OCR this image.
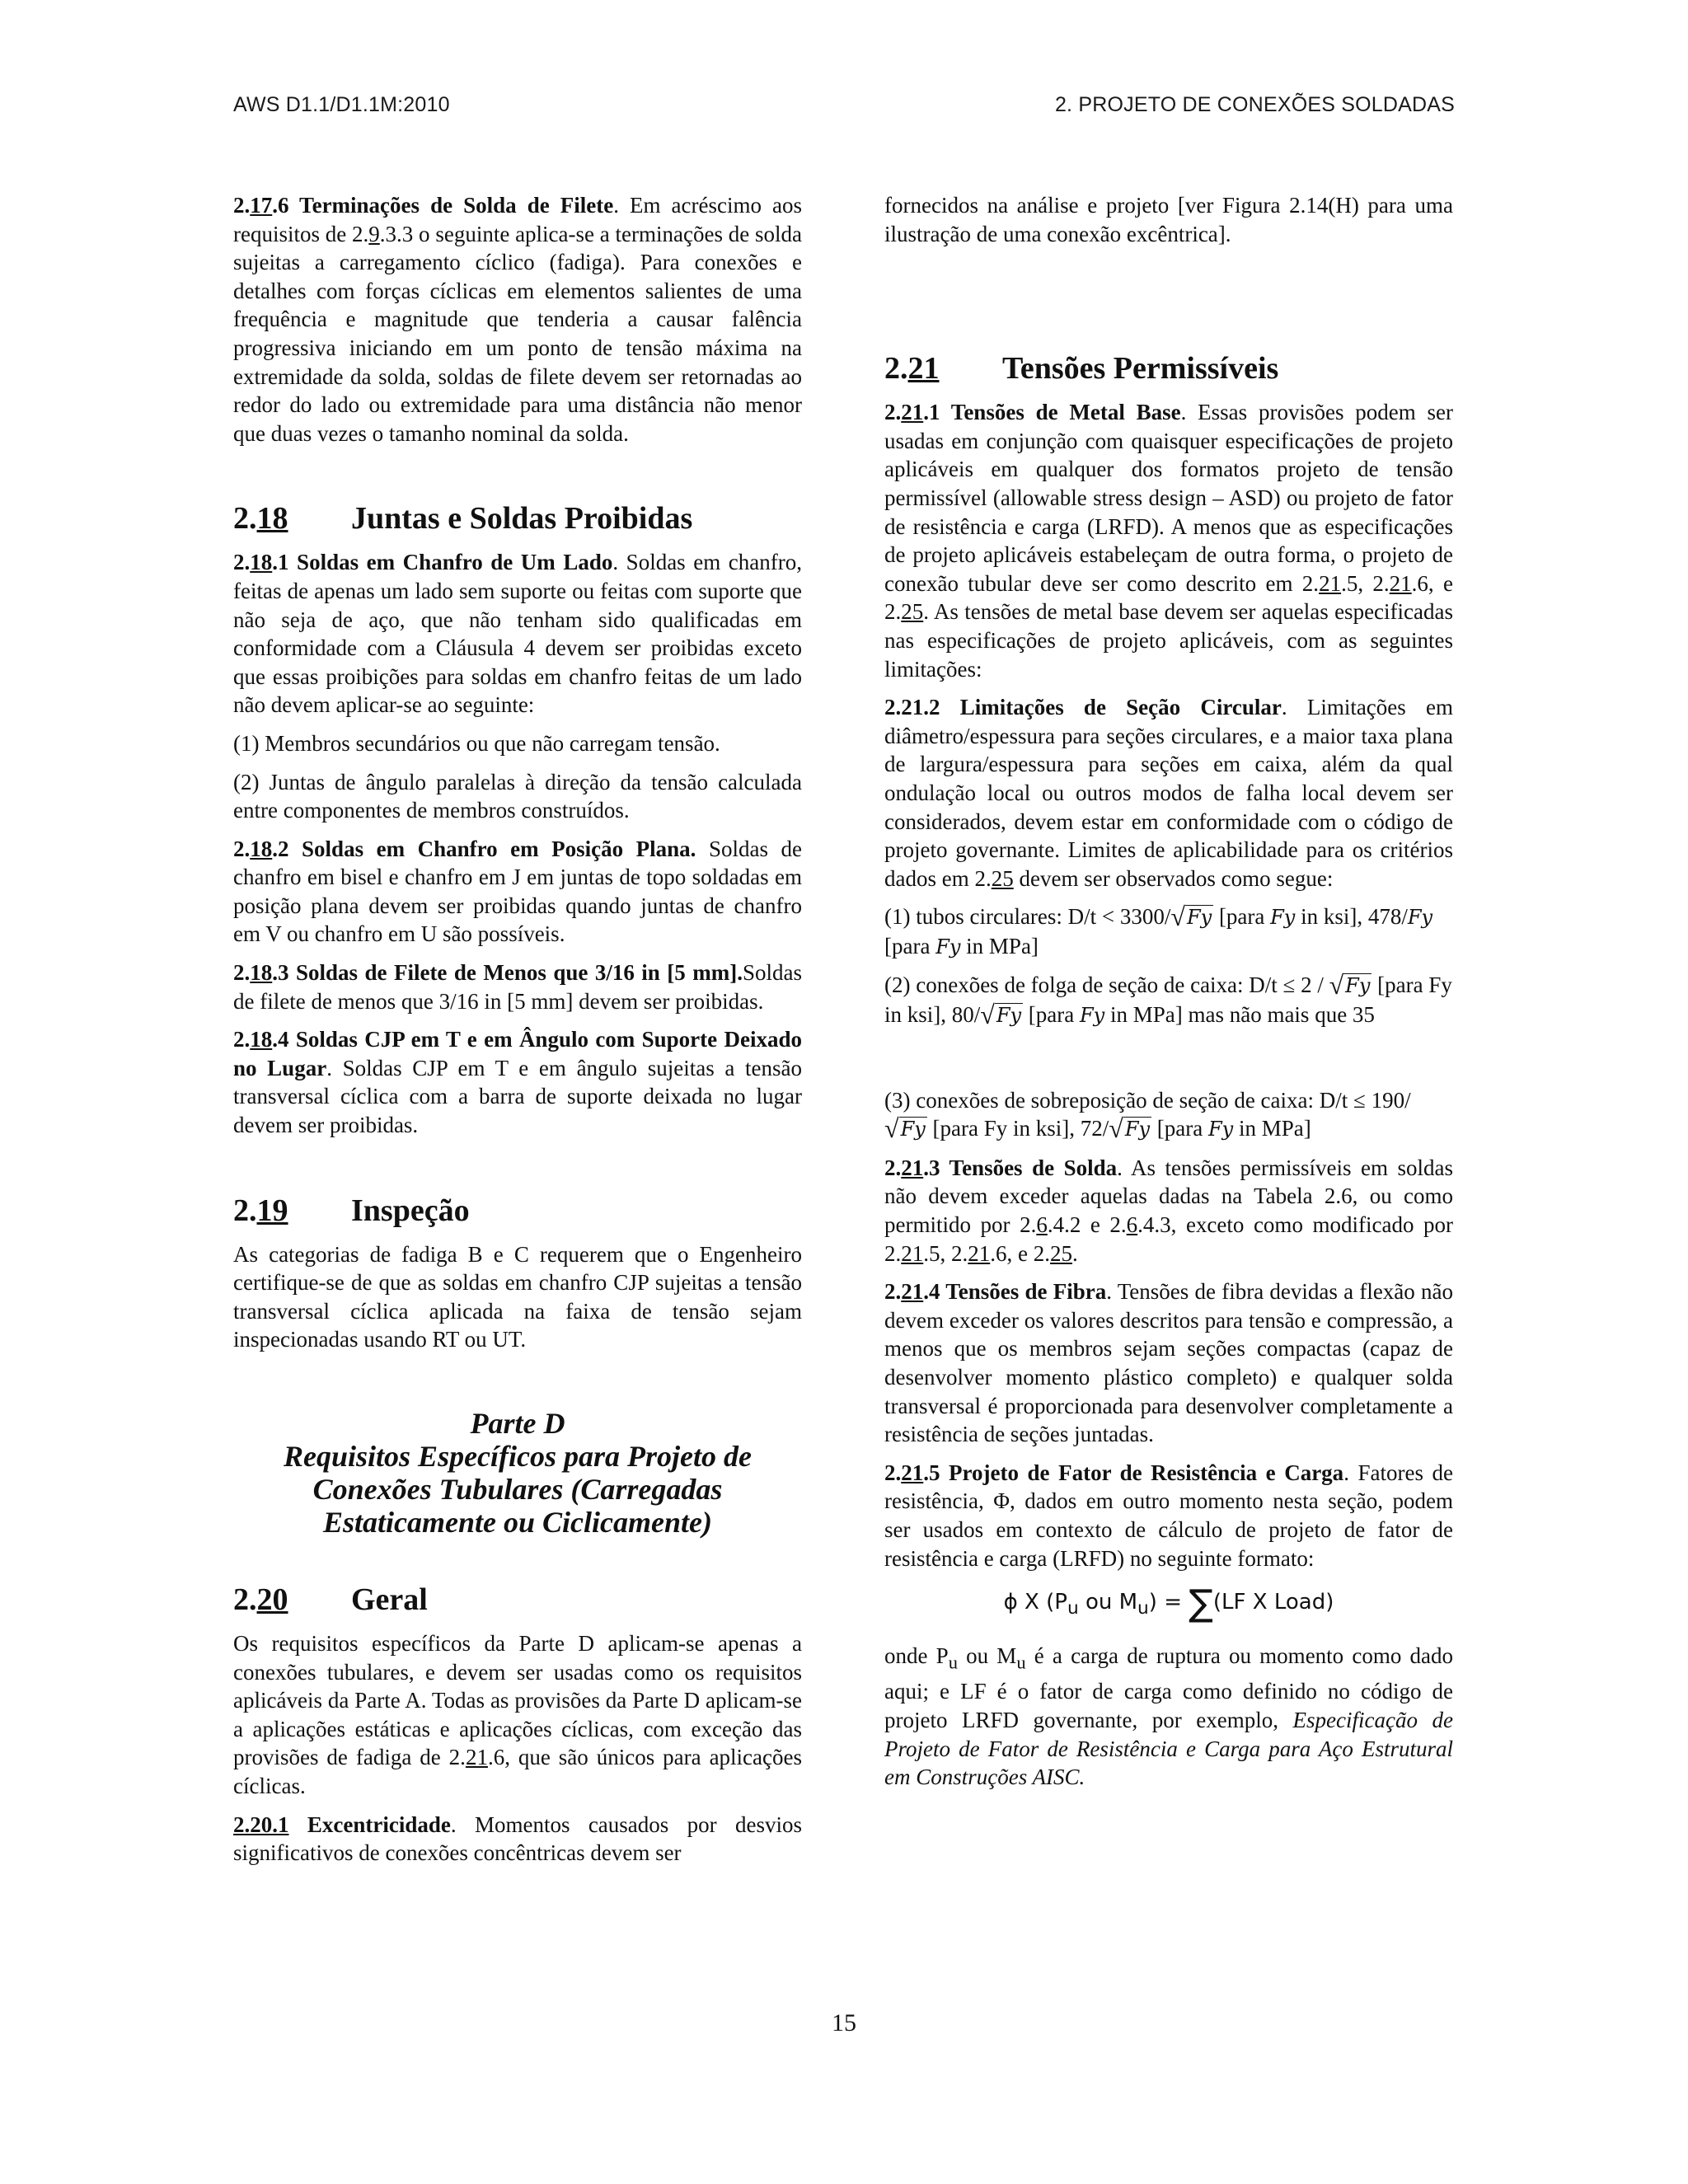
AWS D1.1/D1.1M:2010	2. PROJETO DE CONEXÕES SOLDADAS

2.17.6 Terminações de Solda de Filete. Em acréscimo aos requisitos de 2.9.3.3 o seguinte aplica-se a terminações de solda sujeitas a carregamento cíclico (fadiga). Para conexões e detalhes com forças cíclicas em elementos salientes de uma frequência e magnitude que tenderia a causar falência progressiva iniciando em um ponto de tensão máxima na extremidade da solda, soldas de filete devem ser retornadas ao redor do lado ou extremidade para uma distância não menor que duas vezes o tamanho nominal da solda.

2.18	Juntas e Soldas Proibidas

2.18.1 Soldas em Chanfro de Um Lado. Soldas em chanfro, feitas de apenas um lado sem suporte ou feitas com suporte que não seja de aço, que não tenham sido qualificadas em conformidade com a Cláusula 4 devem ser proibidas exceto que essas proibições para soldas em chanfro feitas de um lado não devem aplicar-se ao seguinte:

(1) Membros secundários ou que não carregam tensão.

(2) Juntas de ângulo paralelas à direção da tensão calculada entre componentes de membros construídos.

2.18.2 Soldas em Chanfro em Posição Plana. Soldas de chanfro em bisel e chanfro em J em juntas de topo soldadas em posição plana devem ser proibidas quando juntas de chanfro em V ou chanfro em U são possíveis.

2.18.3 Soldas de Filete de Menos que 3/16 in [5 mm].Soldas de filete de menos que 3/16 in [5 mm] devem ser proibidas.

2.18.4 Soldas CJP em T e em Ângulo com Suporte Deixado no Lugar. Soldas CJP em T e em ângulo sujeitas a tensão transversal cíclica com a barra de suporte deixada no lugar devem ser proibidas.

2.19	Inspeção

As categorias de fadiga B e C requerem que o Engenheiro certifique-se de que as soldas em chanfro CJP sujeitas a tensão transversal cíclica aplicada na faixa de tensão sejam inspecionadas usando RT ou UT.

Parte D
Requisitos Específicos para Projeto de
Conexões Tubulares (Carregadas
Estaticamente ou Ciclicamente)
2.20	Geral

Os requisitos específicos da Parte D aplicam-se apenas a conexões tubulares, e devem ser usadas como os requisitos aplicáveis da Parte A. Todas as provisões da Parte D aplicam-se a aplicações estáticas e aplicações cíclicas, com exceção das provisões de fadiga de 2.21.6, que são únicos para aplicações cíclicas.

2.20.1 Excentricidade. Momentos causados por desvios significativos de conexões concêntricas devem ser

fornecidos na análise e projeto [ver Figura 2.14(H) para uma ilustração de uma conexão excêntrica].

2.21	Tensões Permissíveis

2.21.1 Tensões de Metal Base. Essas provisões podem ser usadas em conjunção com quaisquer especificações de projeto aplicáveis em qualquer dos formatos projeto de tensão permissível (allowable stress design – ASD) ou projeto de fator de resistência e carga (LRFD). A menos que as especificações de projeto aplicáveis estabeleçam de outra forma, o projeto de conexão tubular deve ser como descrito em 2.21.5, 2.21.6, e 2.25. As tensões de metal base devem ser aquelas especificadas nas especificações de projeto aplicáveis, com as seguintes limitações:

2.21.2 Limitações de Seção Circular. Limitações em diâmetro/espessura para seções circulares, e a maior taxa plana de largura/espessura para seções em caixa, além da qual ondulação local ou outros modos de falha local devem ser considerados, devem estar em conformidade com o código de projeto governante. Limites de aplicabilidade para os critérios dados em 2.25 devem ser observados como segue:

(1) tubos circulares: D/t < 3300/√Fy [para Fy in ksi], 478/Fy [para Fy in MPa]

(2) conexões de folga de seção de caixa: D/t ≤ 2 / √Fy [para Fy in ksi], 80/√Fy [para Fy in MPa] mas não mais que 35

(3) conexões de sobreposição de seção de caixa: D/t ≤ 190/√Fy [para Fy in ksi], 72/√Fy [para Fy in MPa]

2.21.3 Tensões de Solda. As tensões permissíveis em soldas não devem exceder aquelas dadas na Tabela 2.6, ou como permitido por 2.6.4.2 e 2.6.4.3, exceto como modificado por 2.21.5, 2.21.6, e 2.25.

2.21.4 Tensões de Fibra. Tensões de fibra devidas a flexão não devem exceder os valores descritos para tensão e compressão, a menos que os membros sejam seções compactas (capaz de desenvolver momento plástico completo) e qualquer solda transversal é proporcionada para desenvolver completamente a resistência de seções juntadas.

2.21.5 Projeto de Fator de Resistência e Carga. Fatores de resistência, Φ, dados em outro momento nesta seção, podem ser usados em contexto de cálculo de projeto de fator de resistência e carga (LRFD) no seguinte formato:

ϕ X ($P_u$ ou $M_u) = \sum(LF$ X Load)

onde $P_u$ ou $M_u$ é a carga de ruptura ou momento como dado aqui; e LF é o fator de carga como definido no código de projeto LRFD governante, por exemplo, Especificação de Projeto de Fator de Resistência e Carga para Aço Estrutural em Construções AISC.

15
